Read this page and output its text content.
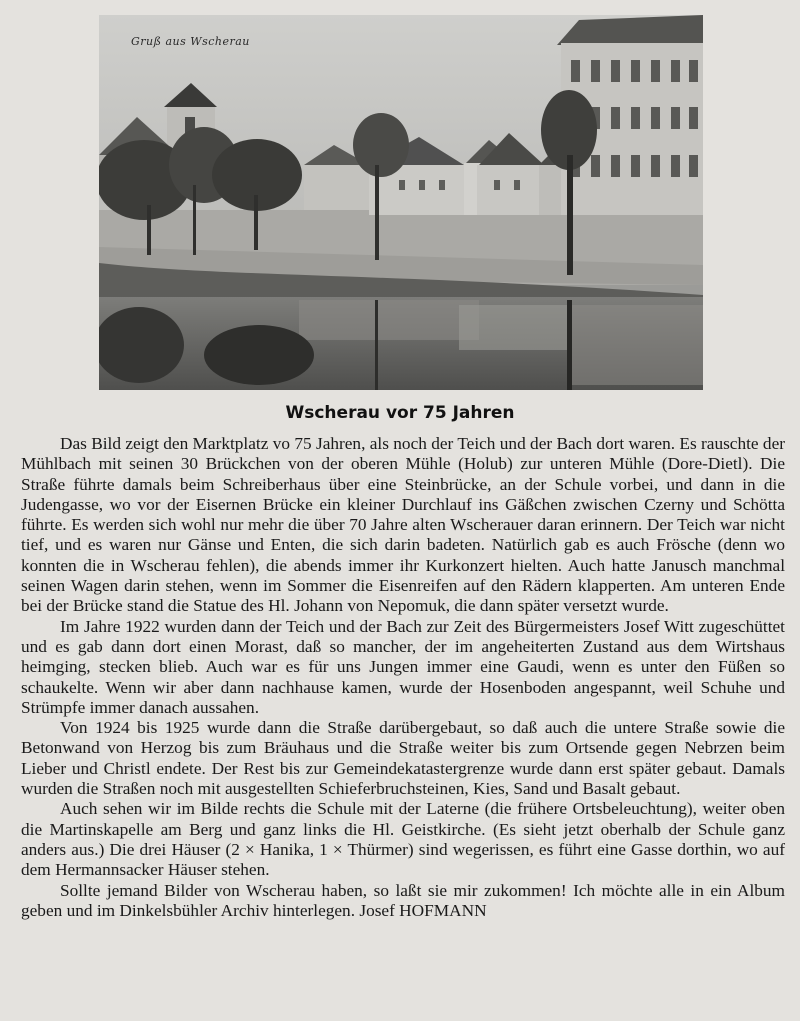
Gruß aus Wscherau
Wscherau vor 75 Jahren

Das Bild zeigt den Marktplatz vo 75 Jahren, als noch der Teich und der Bach dort waren. Es rauschte der Mühlbach mit seinen 30 Brückchen von der oberen Mühle (Holub) zur unteren Mühle (Dore-Dietl). Die Straße führte damals beim Schreiberhaus über eine Steinbrücke, an der Schule vorbei, und dann in die Judengasse, wo vor der Eisernen Brücke ein kleiner Durchlauf ins Gäßchen zwischen Czerny und Schötta führte. Es werden sich wohl nur mehr die über 70 Jahre alten Wscherauer daran erinnern. Der Teich war nicht tief, und es waren nur Gänse und Enten, die sich darin badeten. Natürlich gab es auch Frösche (denn wo konnten die in Wscherau fehlen), die abends immer ihr Kurkonzert hielten. Auch hatte Janusch manchmal seinen Wagen darin stehen, wenn im Sommer die Eisenreifen auf den Rädern klapperten. Am unteren Ende bei der Brücke stand die Statue des Hl. Johann von Nepomuk, die dann später versetzt wurde.

Im Jahre 1922 wurden dann der Teich und der Bach zur Zeit des Bürgermeisters Josef Witt zugeschüttet und es gab dann dort einen Morast, daß so mancher, der im angeheiterten Zustand aus dem Wirtshaus heimging, stecken blieb. Auch war es für uns Jungen immer eine Gaudi, wenn es unter den Füßen so schaukelte. Wenn wir aber dann nachhause kamen, wurde der Hosenboden angespannt, weil Schuhe und Strümpfe immer danach aussahen.

Von 1924 bis 1925 wurde dann die Straße darübergebaut, so daß auch die untere Straße sowie die Betonwand von Herzog bis zum Bräuhaus und die Straße weiter bis zum Ortsende gegen Nebrzen beim Lieber und Christl endete. Der Rest bis zur Gemeindekatastergrenze wurde dann erst später gebaut. Damals wurden die Straßen noch mit ausgestellten Schieferbruchsteinen, Kies, Sand und Basalt gebaut.

Auch sehen wir im Bilde rechts die Schule mit der Laterne (die frühere Ortsbeleuchtung), weiter oben die Martinskapelle am Berg und ganz links die Hl. Geistkirche. (Es sieht jetzt oberhalb der Schule ganz anders aus.) Die drei Häuser (2 × Hanika, 1 × Thürmer) sind wegerissen, es führt eine Gasse dorthin, wo auf dem Hermannsacker Häuser stehen.

Sollte jemand Bilder von Wscherau haben, so laßt sie mir zukommen! Ich möchte alle in ein Album geben und im Dinkelsbühler Archiv hinterlegen. Josef HOFMANN
